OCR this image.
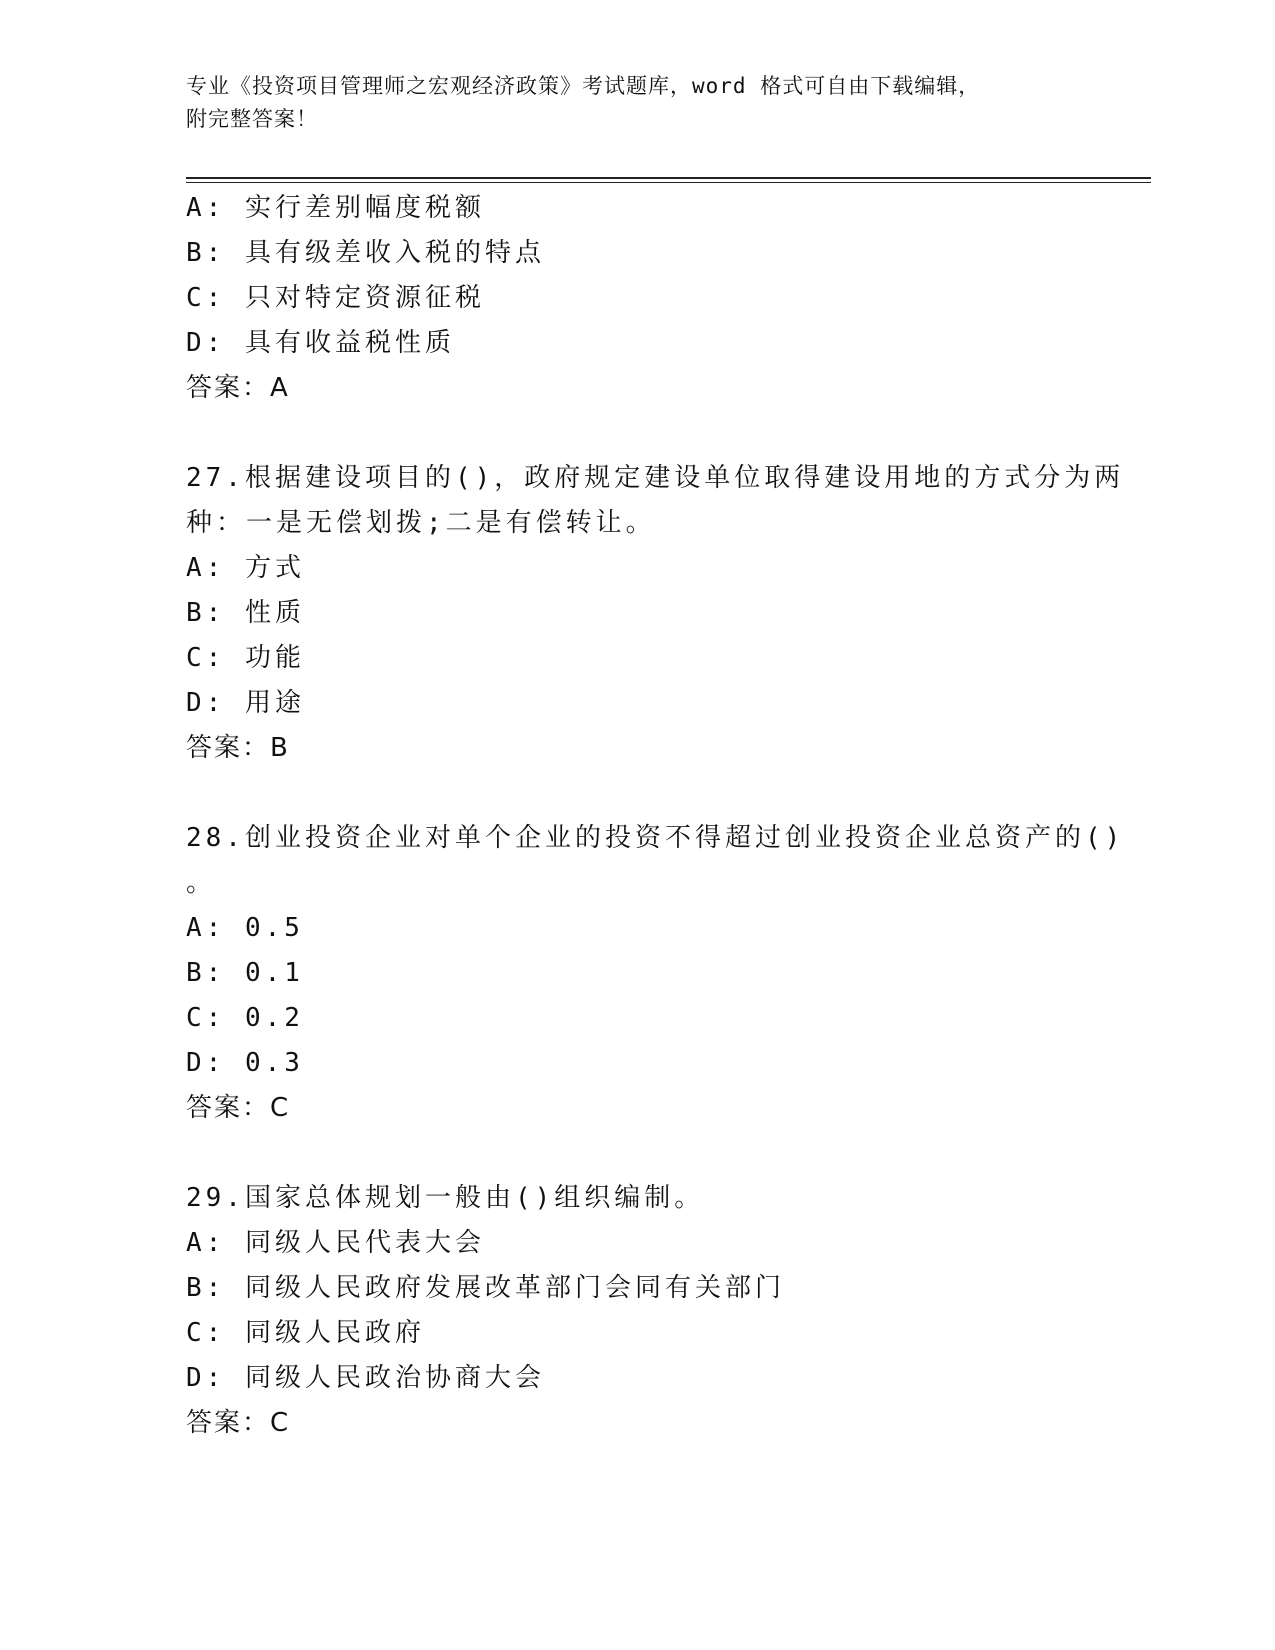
专业《投资项目管理师之宏观经济政策》考试题库，word 格式可自由下载编辑，
附完整答案！
A: 实行差别幅度税额
B: 具有级差收入税的特点
C: 只对特定资源征税
D: 具有收益税性质
答案：A
27.根据建设项目的()，政府规定建设单位取得建设用地的方式分为两
种：一是无偿划拨;二是有偿转让。
A: 方式
B: 性质
C: 功能
D: 用途
答案：B
28.创业投资企业对单个企业的投资不得超过创业投资企业总资产的()
。
A: 0.5
B: 0.1
C: 0.2
D: 0.3
答案：C
29.国家总体规划一般由()组织编制。
A: 同级人民代表大会
B: 同级人民政府发展改革部门会同有关部门
C: 同级人民政府
D: 同级人民政治协商大会
答案：C
